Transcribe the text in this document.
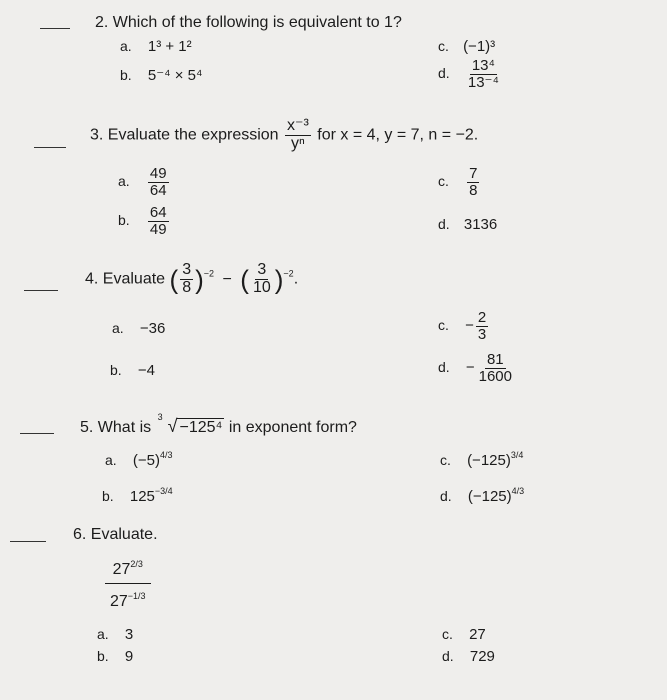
2. Which of the following is equivalent to 1?
a. 1³ + 1²
b. 5⁻⁴ × 5⁴
c. (−1)³
d. $\frac{\text{13⁴}}{\text{13⁻⁴}}$
3. Evaluate the expression $\frac{\text{x⁻³}}{\text{yⁿ}}$ for x = 4, y = 7, n = −2.
a. $\frac{49}{64}$
b. $\frac{64}{49}$
c. $\frac{7}{8}$
d. 3136
4. Evaluate ( $\frac{3}{8} )^{-2}$ − ( $\frac{3}{10} )^{-2}$.
a. −36
b. −4
c. − $\frac{2}{3}$
d. − $\frac{81}{1600}$
5. What is
3 √ −125⁴ in exponent form?
a. $(-5)^{4/3}$
b. $125^{-3/4}$
c. $(-125)^{3/4}$
d. $(-125)^{4/3}$
6. Evaluate.
$\frac{27^{2/3}}{27^{-1/3}}$
a. 3
b. 9
c. 27
d. 729
